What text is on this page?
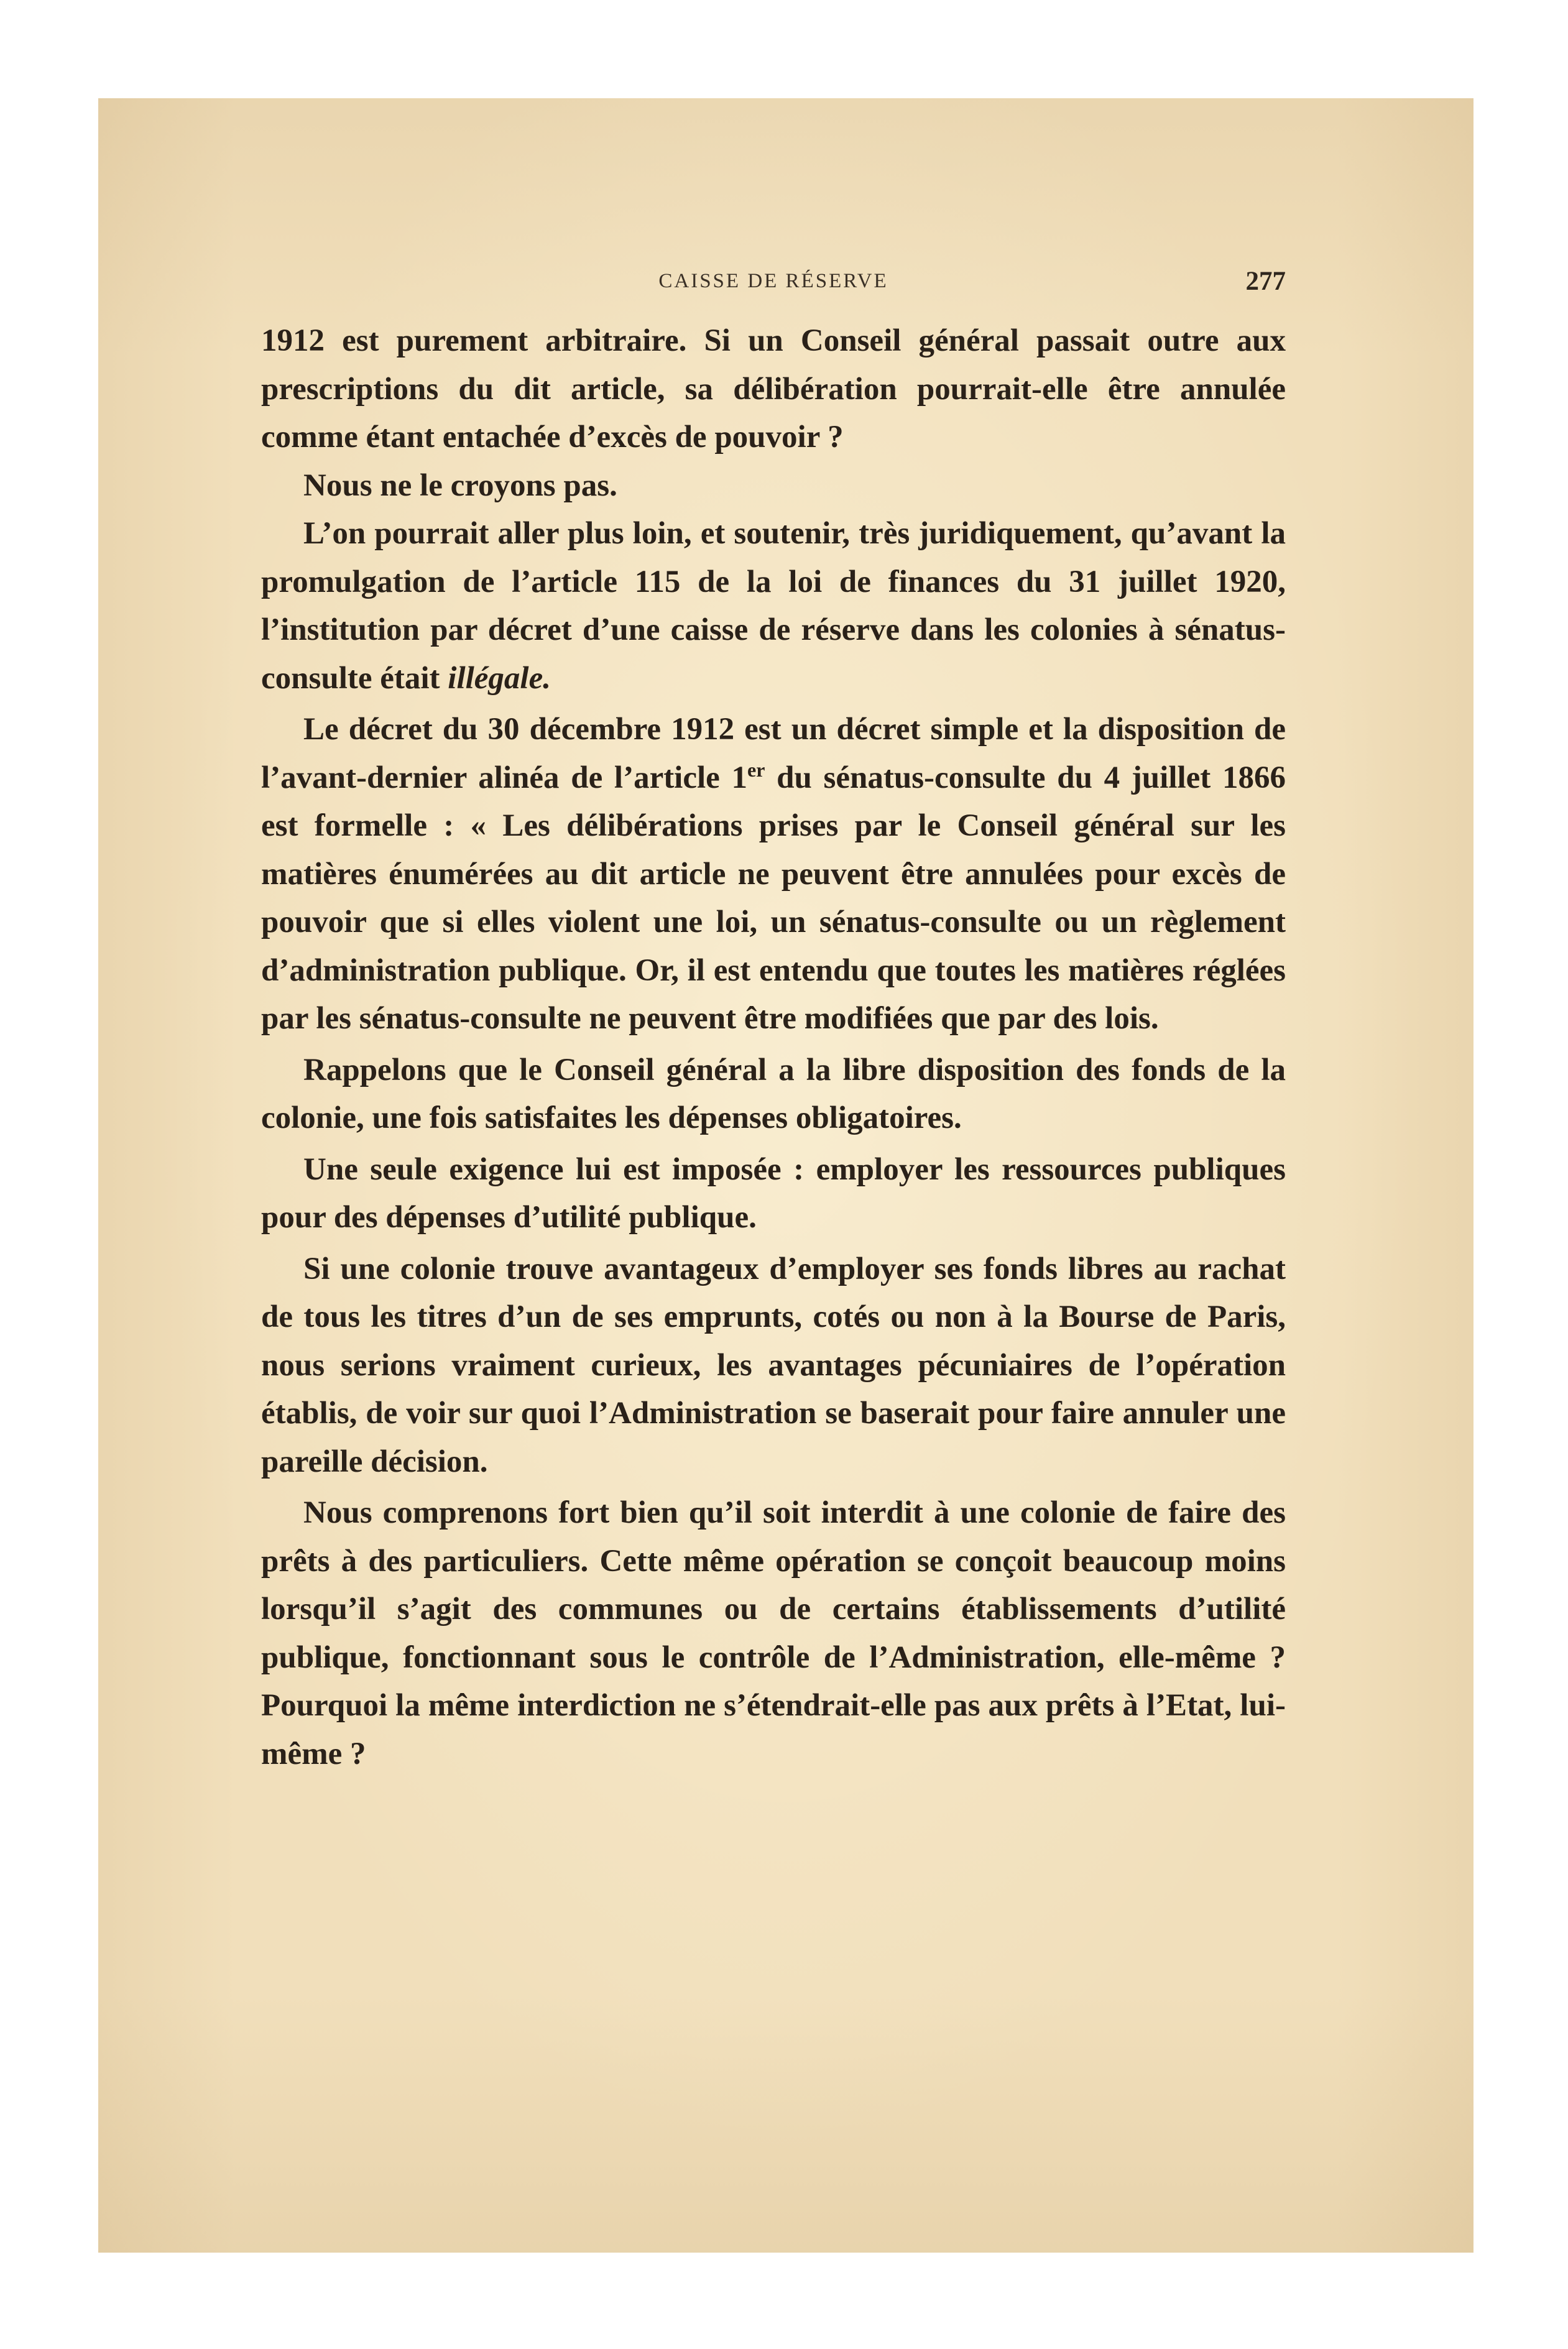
CAISSE DE RÉSERVE	277

1912 est purement arbitraire. Si un Conseil général passait outre aux prescriptions du dit article, sa délibération pourrait-elle être annulée comme étant entachée d’excès de pouvoir ?

Nous ne le croyons pas.

L’on pourrait aller plus loin, et soutenir, très juridiquement, qu’avant la promulgation de l’article 115 de la loi de finances du 31 juillet 1920, l’institution par décret d’une caisse de réserve dans les colonies à sénatus-consulte était illégale.

Le décret du 30 décembre 1912 est un décret simple et la disposition de l’avant-dernier alinéa de l’article 1er du sénatus-consulte du 4 juillet 1866 est formelle : « Les délibérations prises par le Conseil général sur les matières énumérées au dit article ne peuvent être annulées pour excès de pouvoir que si elles violent une loi, un sénatus-consulte ou un règlement d’administration publique. Or, il est entendu que toutes les matières réglées par les sénatus-consulte ne peuvent être modifiées que par des lois.

Rappelons que le Conseil général a la libre disposition des fonds de la colonie, une fois satisfaites les dépenses obligatoires.

Une seule exigence lui est imposée : employer les ressources publiques pour des dépenses d’utilité publique.

Si une colonie trouve avantageux d’employer ses fonds libres au rachat de tous les titres d’un de ses emprunts, cotés ou non à la Bourse de Paris, nous serions vraiment curieux, les avantages pécuniaires de l’opération établis, de voir sur quoi l’Administration se baserait pour faire annuler une pareille décision.

Nous comprenons fort bien qu’il soit interdit à une colonie de faire des prêts à des particuliers. Cette même opération se conçoit beaucoup moins lorsqu’il s’agit des communes ou de certains établissements d’utilité publique, fonctionnant sous le contrôle de l’Administration, elle-même ? Pourquoi la même interdiction ne s’étendrait-elle pas aux prêts à l’Etat, lui-même ?
